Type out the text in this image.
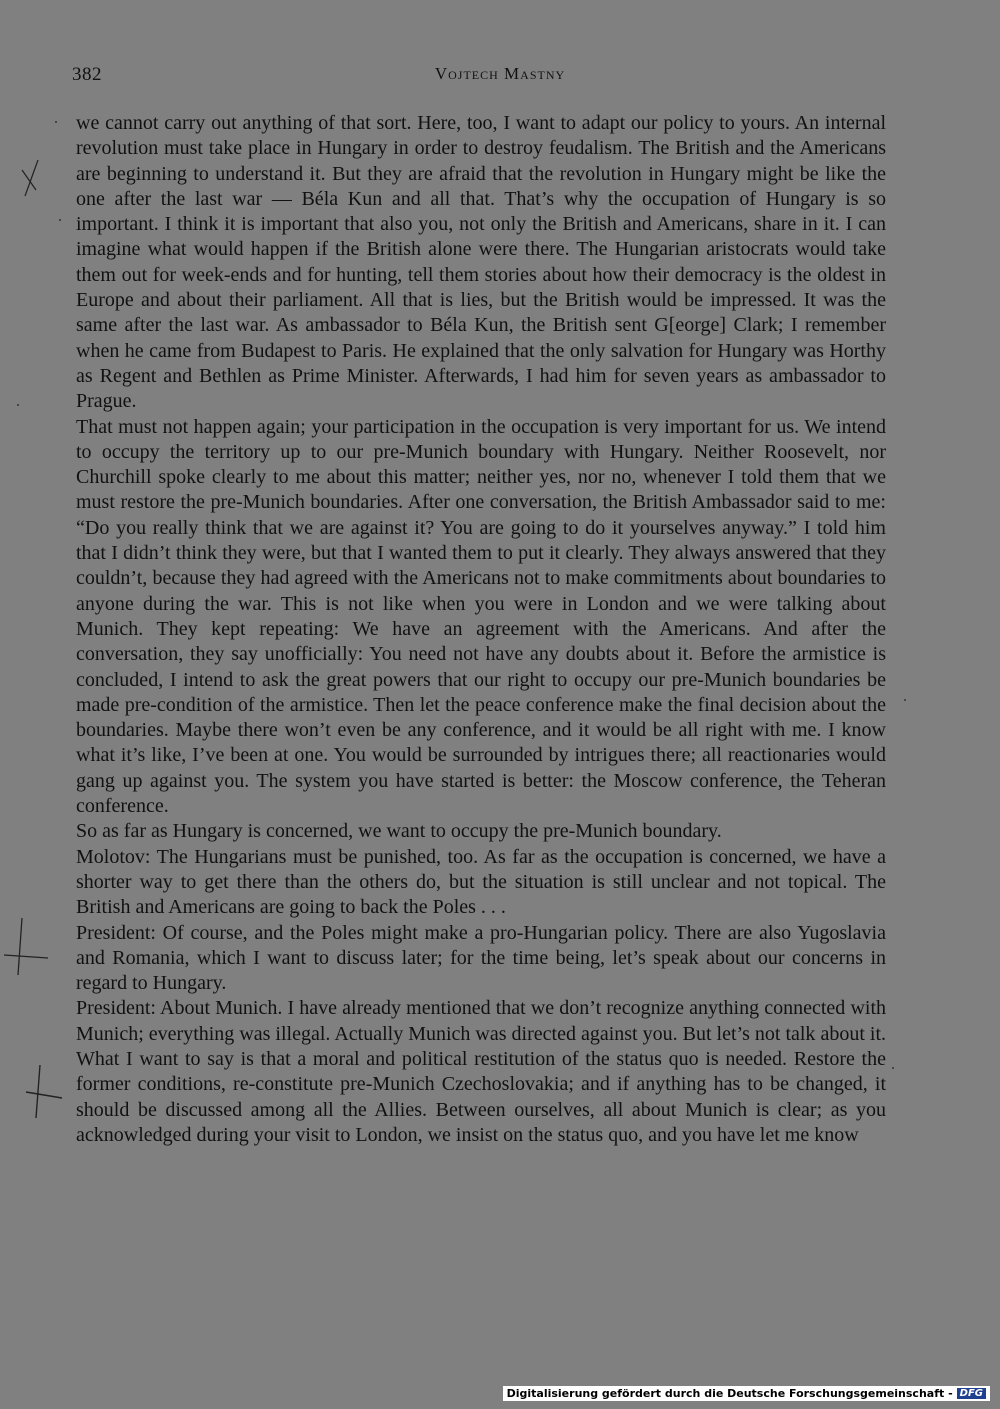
382	Vojtech Mastny

we cannot carry out anything of that sort. Here, too, I want to adapt our policy to yours. An internal revolution must take place in Hungary in order to destroy feudalism. The British and the Americans are beginning to understand it. But they are afraid that the revolution in Hungary might be like the one after the last war — Béla Kun and all that. That’s why the occupation of Hungary is so important. I think it is important that also you, not only the British and Americans, share in it. I can imagine what would happen if the British alone were there. The Hungarian aristocrats would take them out for week-ends and for hunting, tell them stories about how their democracy is the oldest in Europe and about their parliament. All that is lies, but the British would be impressed. It was the same after the last war. As ambassador to Béla Kun, the British sent G[eorge] Clark; I remember when he came from Budapest to Paris. He explained that the only salvation for Hungary was Horthy as Regent and Bethlen as Prime Minister. Afterwards, I had him for seven years as ambassador to Prague.

That must not happen again; your participation in the occupation is very important for us. We intend to occupy the territory up to our pre-Munich boundary with Hungary. Neither Roosevelt, nor Churchill spoke clearly to me about this matter; neither yes, nor no, whenever I told them that we must restore the pre-Munich boundaries. After one conversation, the British Ambassador said to me: “Do you really think that we are against it? You are going to do it yourselves anyway.” I told him that I didn’t think they were, but that I wanted them to put it clearly. They always answered that they couldn’t, because they had agreed with the Americans not to make commitments about boundaries to anyone during the war. This is not like when you were in London and we were talking about Munich. They kept repeating: We have an agreement with the Americans. And after the conversation, they say unofficially: You need not have any doubts about it. Before the armistice is concluded, I intend to ask the great powers that our right to occupy our pre-Munich boundaries be made pre-condition of the armistice. Then let the peace conference make the final decision about the boundaries. Maybe there won’t even be any conference, and it would be all right with me. I know what it’s like, I’ve been at one. You would be surrounded by intrigues there; all reactionaries would gang up against you. The system you have started is better: the Moscow conference, the Teheran conference.

So as far as Hungary is concerned, we want to occupy the pre-Munich boundary.

Molotov: The Hungarians must be punished, too. As far as the occupation is concerned, we have a shorter way to get there than the others do, but the situation is still unclear and not topical. The British and Americans are going to back the Poles . . .

President: Of course, and the Poles might make a pro-Hungarian policy. There are also Yugoslavia and Romania, which I want to discuss later; for the time being, let’s speak about our concerns in regard to Hungary.

President: About Munich. I have already mentioned that we don’t recognize anything connected with Munich; everything was illegal. Actually Munich was directed against you. But let’s not talk about it. What I want to say is that a moral and political restitution of the status quo is needed. Restore the former conditions, re-constitute pre-Munich Czechoslovakia; and if anything has to be changed, it should be discussed among all the Allies. Between ourselves, all about Munich is clear; as you acknowledged during your visit to London, we insist on the status quo, and you have let me know

Digitalisierung gefördert durch die Deutsche Forschungsgemeinschaft - DFG
